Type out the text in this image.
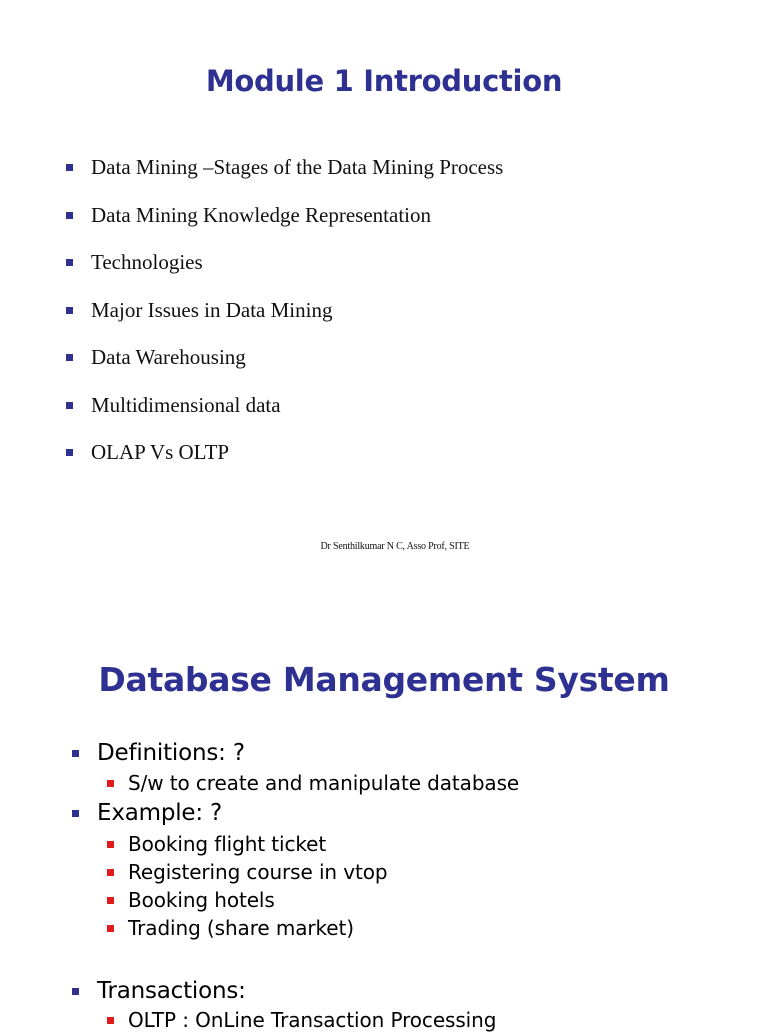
Module 1 Introduction
Data Mining –Stages of the Data Mining Process
Data Mining Knowledge Representation
Technologies
Major Issues in Data Mining
Data Warehousing
Multidimensional data
OLAP Vs OLTP
Dr Senthilkumar N C, Asso Prof, SITE
Database Management System
Definitions: ?
S/w to create and manipulate database
Example: ?
Booking flight ticket
Registering course in vtop
Booking hotels
Trading (share market)
Transactions:
OLTP : OnLine Transaction Processing
